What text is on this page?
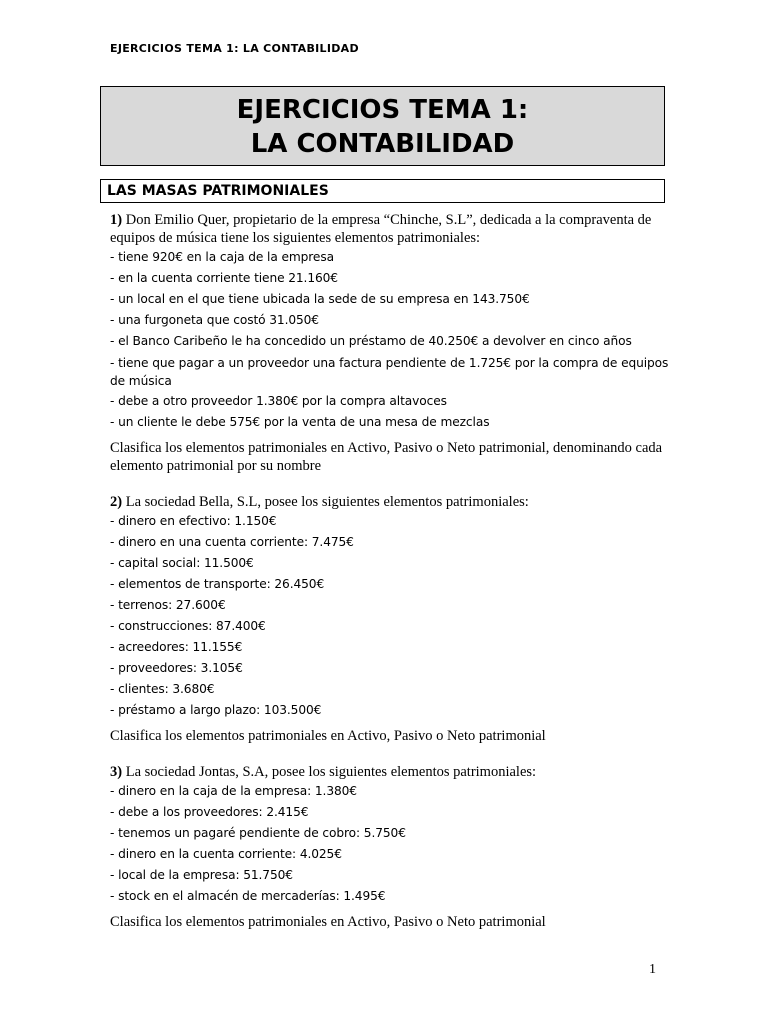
EJERCICIOS TEMA 1: LA CONTABILIDAD
EJERCICIOS TEMA 1:
LA CONTABILIDAD
LAS MASAS PATRIMONIALES

1) Don Emilio Quer, propietario de la empresa “Chinche, S.L”, dedicada a la compraventa de equipos de música tiene los siguientes elementos patrimoniales:

- tiene 920€ en la caja de la empresa

- en la cuenta corriente tiene 21.160€

- un local en el que tiene ubicada la sede de su empresa en 143.750€

- una furgoneta que costó 31.050€

- el Banco Caribeño le ha concedido un préstamo de 40.250€ a devolver en cinco años

- tiene que pagar a un proveedor una factura pendiente de 1.725€ por la compra de equipos de música

- debe a otro proveedor 1.380€ por la compra altavoces

- un cliente le debe 575€ por la venta de una mesa de mezclas

Clasifica los elementos patrimoniales en Activo, Pasivo o Neto patrimonial, denominando cada elemento patrimonial por su nombre

2) La sociedad Bella, S.L, posee los siguientes elementos patrimoniales:

- dinero en efectivo: 1.150€

- dinero en una cuenta corriente: 7.475€

- capital social: 11.500€

- elementos de transporte: 26.450€

- terrenos: 27.600€

- construcciones: 87.400€

- acreedores: 11.155€

- proveedores: 3.105€

- clientes: 3.680€

- préstamo a largo plazo: 103.500€

Clasifica los elementos patrimoniales en Activo, Pasivo o Neto patrimonial

3) La sociedad Jontas, S.A, posee los siguientes elementos patrimoniales:

- dinero en la caja de la empresa: 1.380€

- debe a los proveedores: 2.415€

- tenemos un pagaré pendiente de cobro: 5.750€

- dinero en la cuenta corriente: 4.025€

- local de la empresa: 51.750€

- stock en el almacén de mercaderías: 1.495€

Clasifica los elementos patrimoniales en Activo, Pasivo o Neto patrimonial

1
